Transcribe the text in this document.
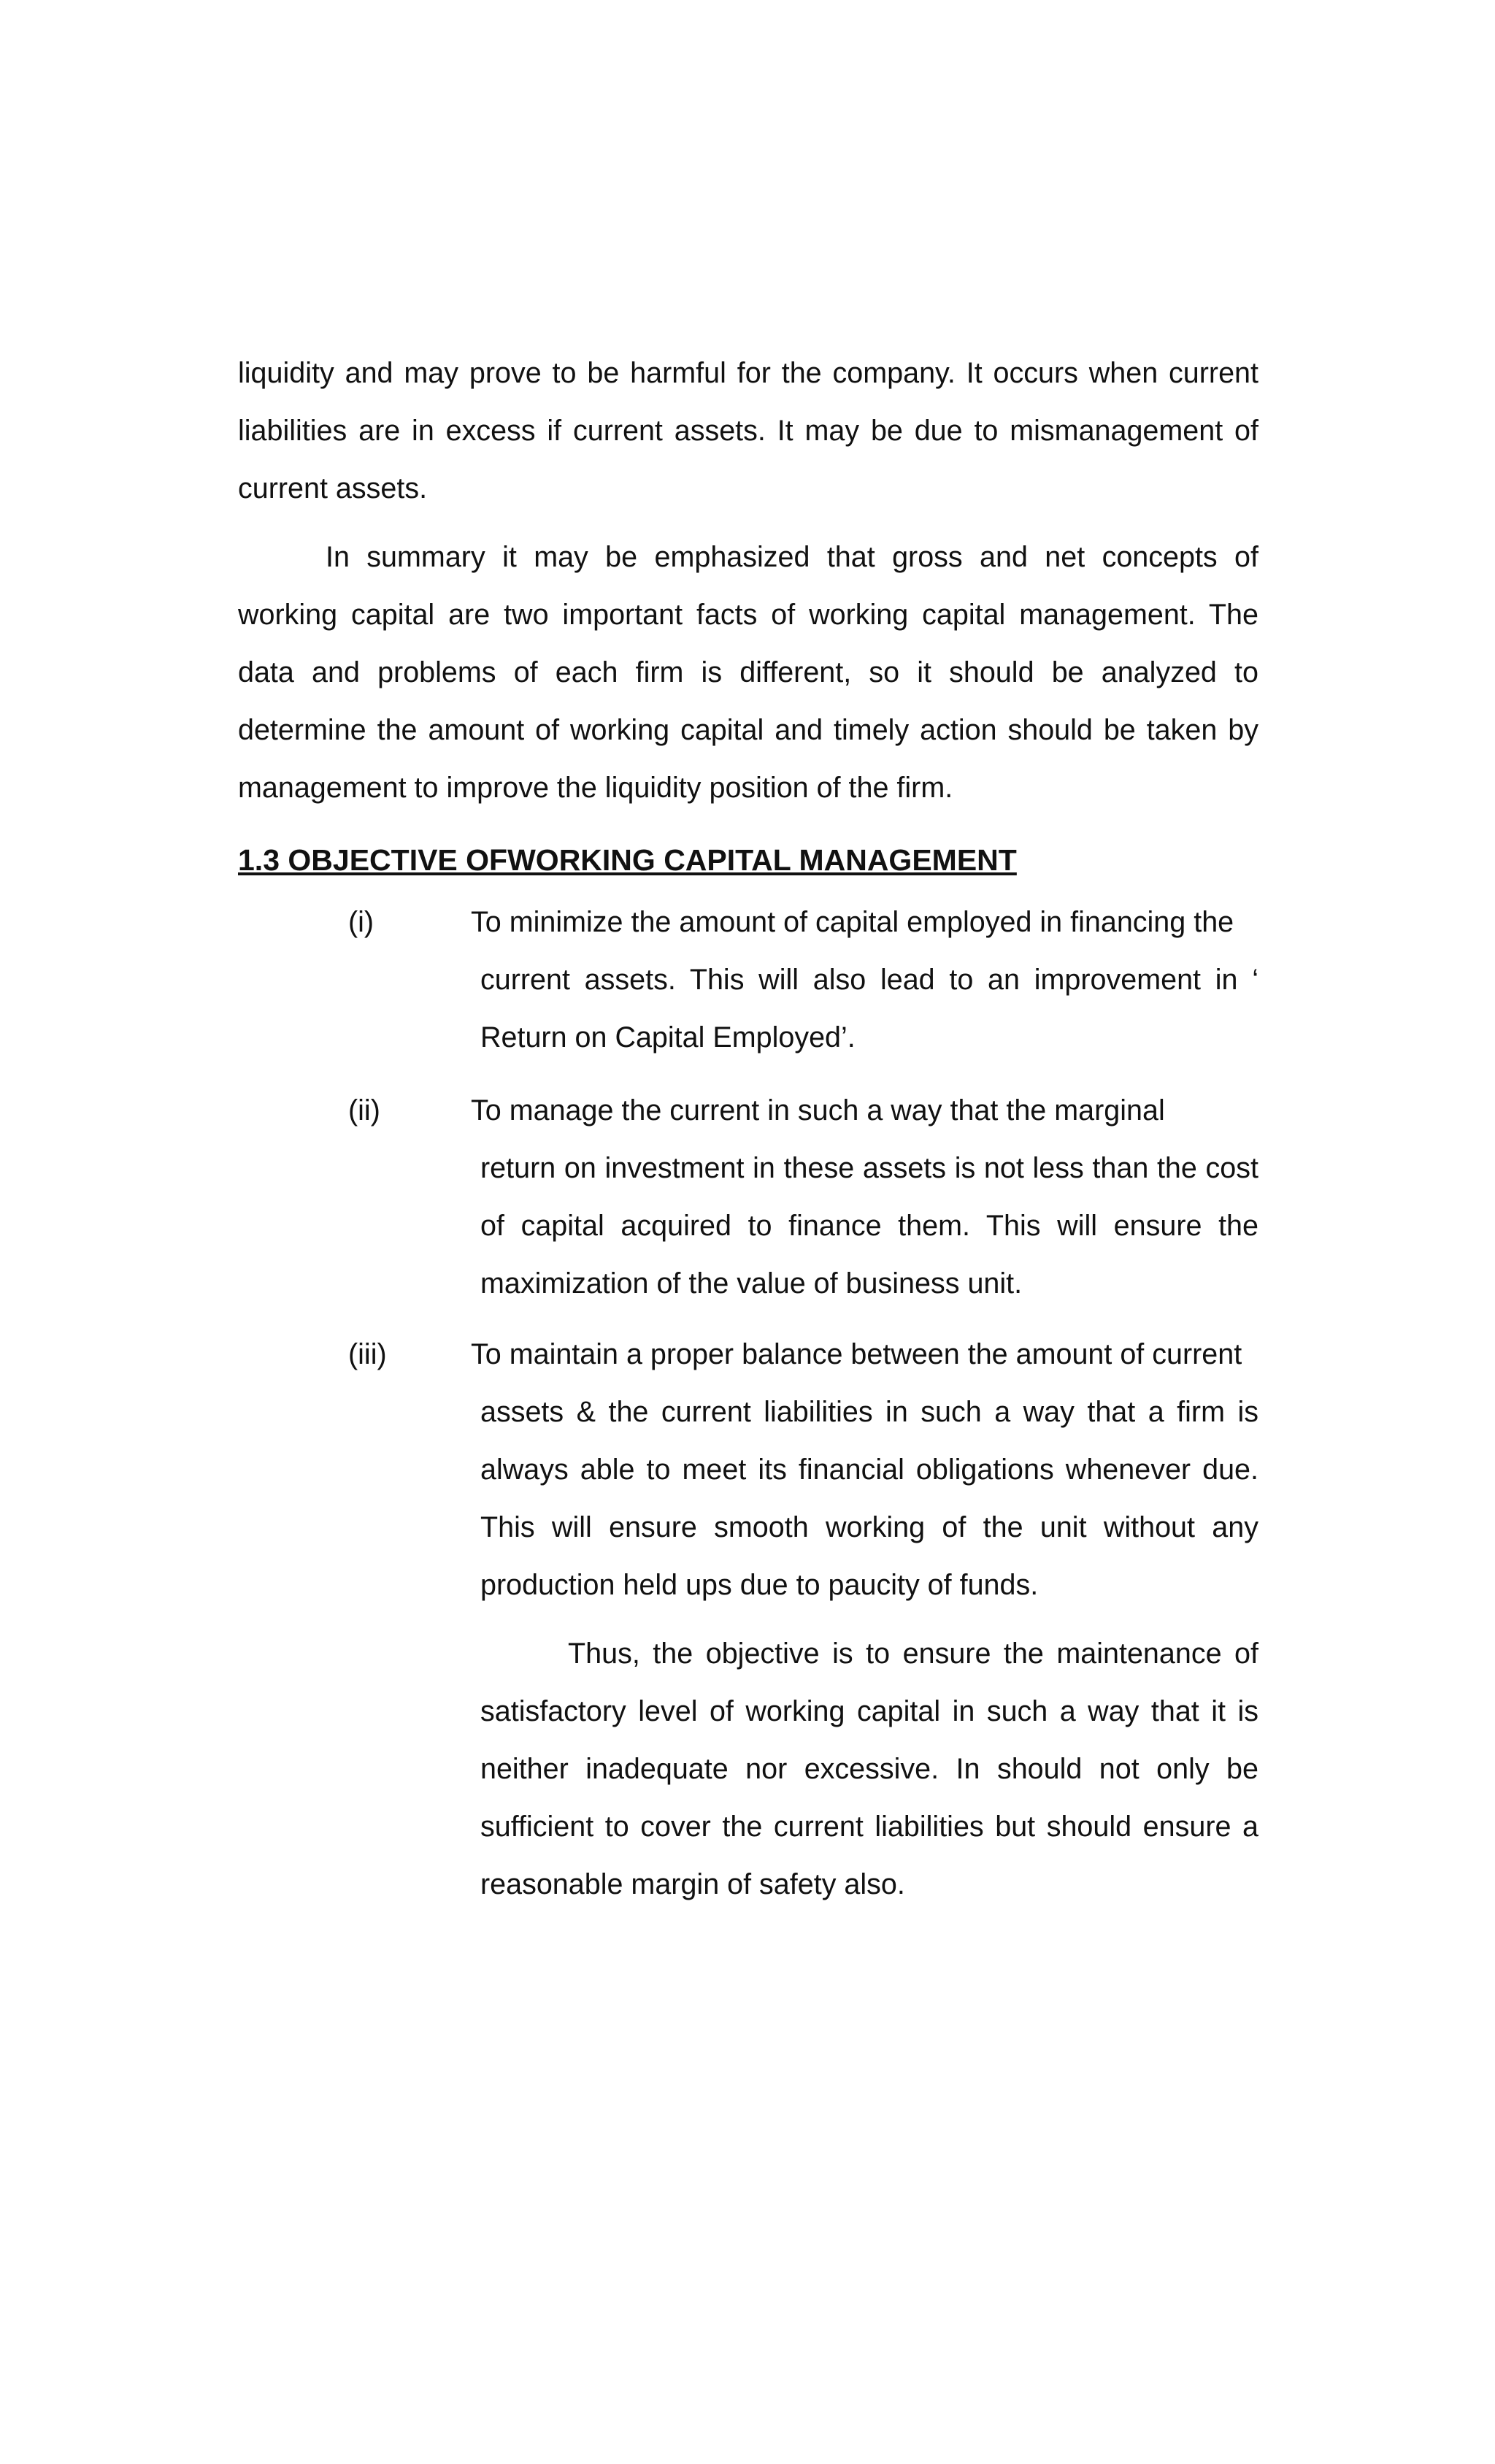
liquidity and may prove to be harmful for the company. It occurs when current liabilities are in excess if current assets. It may be due to mismanagement of current assets.

In summary it may be emphasized that gross and net concepts of working capital are two important facts of working capital management. The data and problems of each firm is different, so it should be analyzed to determine the amount of working capital and timely action should be taken by management to improve the liquidity position of the firm.

1.3 OBJECTIVE OFWORKING CAPITAL MANAGEMENT

(i)	To minimize the amount of capital employed in financing the
current assets. This will also lead to an improvement in ‘ Return on Capital Employed’.

(ii)	To manage the current in such a way that the marginal
return on investment in these assets is not less than the cost of capital acquired to finance them. This will ensure the maximization of the value of business unit.

(iii)	To maintain a proper balance between the amount of current
assets & the current liabilities in such a way that a firm is always able to meet its financial obligations whenever due. This will ensure smooth working of the unit without any production held ups due to paucity of funds.

Thus, the objective is to ensure the maintenance of satisfactory level of working capital in such a way that it is neither inadequate nor excessive. In should not only be sufficient to cover the current liabilities but should ensure a reasonable margin of safety also.
